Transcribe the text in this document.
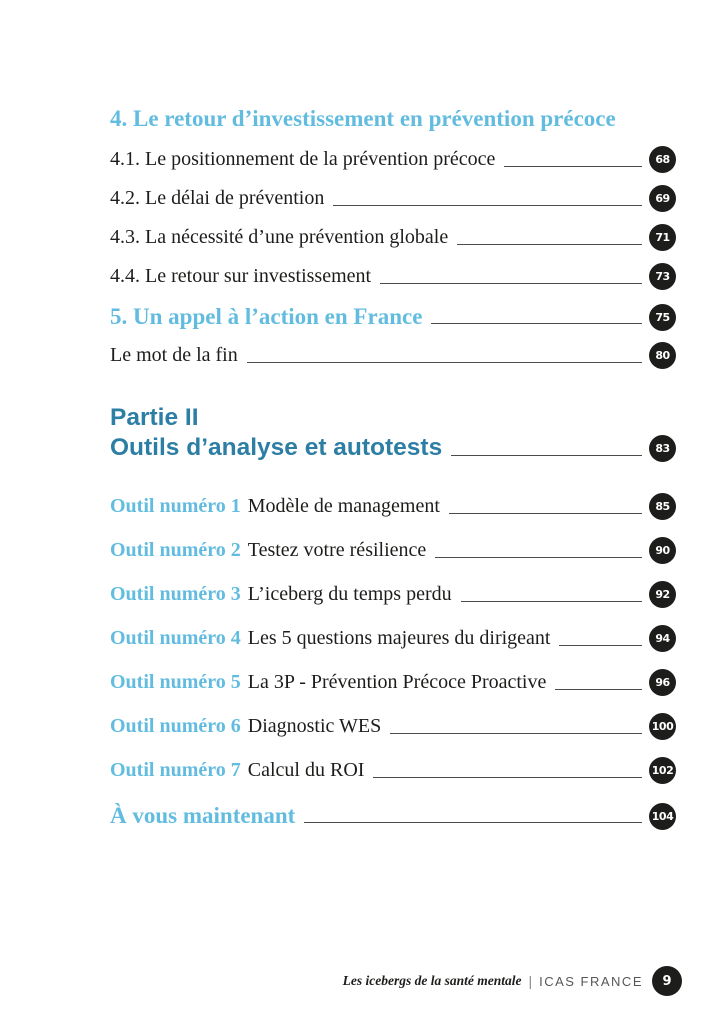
4. Le retour d’investissement en prévention précoce
4.1. Le positionnement de la prévention précoce	68
4.2. Le délai de prévention	69
4.3. La nécessité d’une prévention globale	71
4.4. Le retour sur investissement	73
5. Un appel à l’action en France	75
Le mot de la fin	80
Partie II
Outils d’analyse et autotests	83
Outil numéro 1 Modèle de management	85
Outil numéro 2 Testez votre résilience	90
Outil numéro 3 L’iceberg du temps perdu	92
Outil numéro 4 Les 5 questions majeures du dirigeant	94
Outil numéro 5 La 3P - Prévention Précoce Proactive	96
Outil numéro 6 Diagnostic WES	100
Outil numéro 7 Calcul du ROI	102
À vous maintenant	104
Les icebergs de la santé mentale | ICAS FRANCE	9
